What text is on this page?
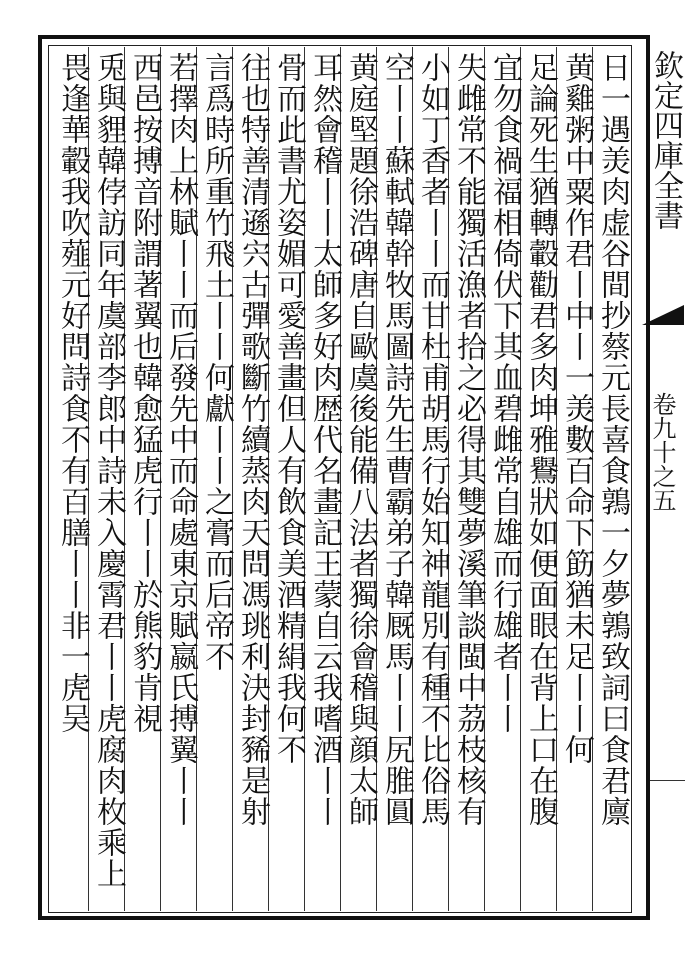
欽定四庫全書
卷九十之五
日一遇羙肉虚谷間抄蔡元長喜食鶉一夕夢鶉致詞曰食君廪
黄雞粥中粟作君丨中丨一羙數百命下筯猶未足丨丨何
足論死生猶轉轂勸君多肉坤雅鸒狀如便面眼在背上口在腹
宜勿食禍福相倚伏下其血碧雌常自雄而行雄者丨丨
失雌常不能獨活漁者拾之必得其雙夢溪筆談閩中茘枝核有
小如丁香者丨丨而甘杜甫胡馬行始知神龍別有種不比俗馬
空丨丨蘇軾韓幹牧馬圖詩先生曹霸弟子韓厩馬丨丨尻脽圓
黄庭堅題徐浩碑唐自歐虞後能備八法者獨徐會稽與顔太師
耳然會稽丨丨太師多好肉歴代名畫記王蒙自云我嗜酒丨丨
骨而此書尤姿媚可愛善畫但人有飲食美酒精絹我何不
往也特善清遜宍古彈歌斷竹續蒸肉天問馮珧利決封豨是射
言爲時所重竹飛土丨丨何獻丨丨之膏而后帝不
若擇肉上林賦丨丨而后發先中而命處東京賦嬴氏搏翼丨丨
西邑按搏音附謂著翼也韓愈猛虎行丨丨於熊豹肯視
兎與貍韓侼訪同年虞部李郎中詩未入慶霄君丨丨虎腐肉枚乘上
畏逢華轂我吹薤元好問詩食不有百膳丨丨非一虎吴
